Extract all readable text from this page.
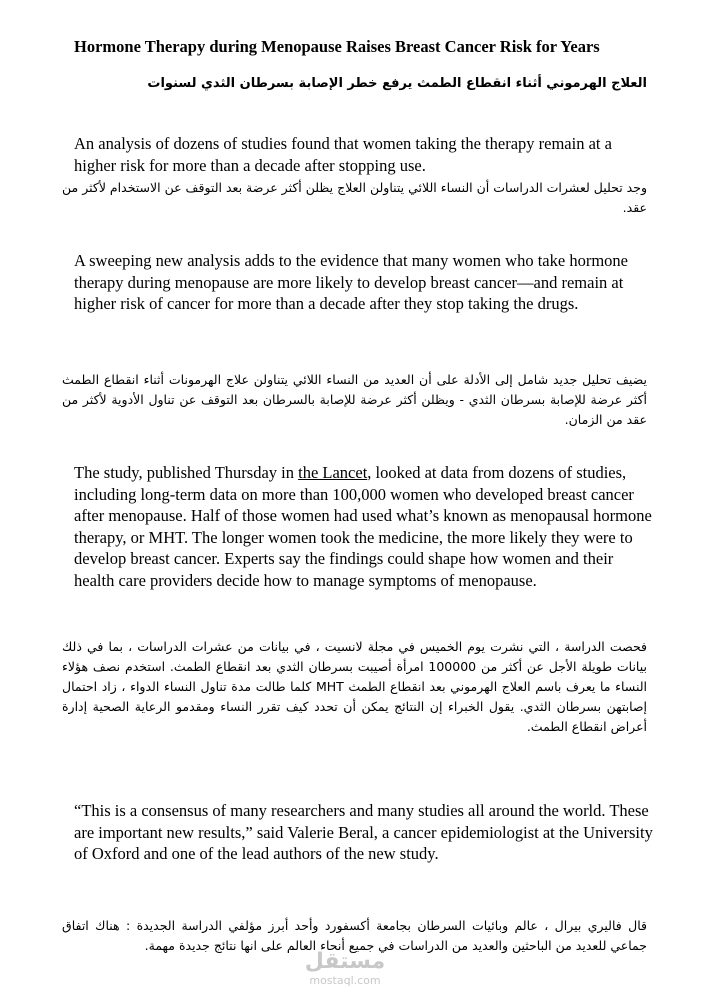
Hormone Therapy during Menopause Raises Breast Cancer Risk for Years
العلاج الهرموني أثناء انقطاع الطمث يرفع خطر الإصابة بسرطان الثدي لسنوات
An analysis of dozens of studies found that women taking the therapy remain at a higher risk for more than a decade after stopping use.
وجد تحليل لعشرات الدراسات أن النساء اللائي يتناولن العلاج يظلن أكثر عرضة بعد التوقف عن الاستخدام لأكثر من عقد.
A sweeping new analysis adds to the evidence that many women who take hormone therapy during menopause are more likely to develop breast cancer—and remain at higher risk of cancer for more than a decade after they stop taking the drugs.
يضيف تحليل جديد شامل إلى الأدلة على أن العديد من النساء اللائي يتناولن علاج الهرمونات أثناء انقطاع الطمث أكثر عرضة للإصابة بسرطان الثدي - ويظلن أكثر عرضة للإصابة بالسرطان بعد التوقف عن تناول الأدوية لأكثر من عقد من الزمان.
The study, published Thursday in the Lancet, looked at data from dozens of studies, including long-term data on more than 100,000 women who developed breast cancer after menopause. Half of those women had used what’s known as menopausal hormone therapy, or MHT. The longer women took the medicine, the more likely they were to develop breast cancer. Experts say the findings could shape how women and their health care providers decide how to manage symptoms of menopause.
فحصت الدراسة ، التي نشرت يوم الخميس في مجلة لانسيت ، في بيانات من عشرات الدراسات ، بما في ذلك بيانات طويلة الأجل عن أكثر من 100000 امرأة أصيبت بسرطان الثدي بعد انقطاع الطمث. استخدم نصف هؤلاء النساء ما يعرف باسم العلاج الهرموني بعد انقطاع الطمث MHT كلما طالت مدة تناول النساء الدواء ، زاد احتمال إصابتهن بسرطان الثدي. يقول الخبراء إن النتائج يمكن أن تحدد كيف تقرر النساء ومقدمو الرعاية الصحية إدارة أعراض انقطاع الطمث.
“This is a consensus of many researchers and many studies all around the world. These are important new results,” said Valerie Beral, a cancer epidemiologist at the University of Oxford and one of the lead authors of the new study.
قال فاليري بيرال ، عالم وبائيات السرطان بجامعة أكسفورد وأحد أبرز مؤلفي الدراسة الجديدة : هناك اتفاق جماعي للعديد من الباحثين والعديد من الدراسات في جميع أنحاء العالم على انها نتائج جديدة مهمة.
مستقل
mostaql.com
